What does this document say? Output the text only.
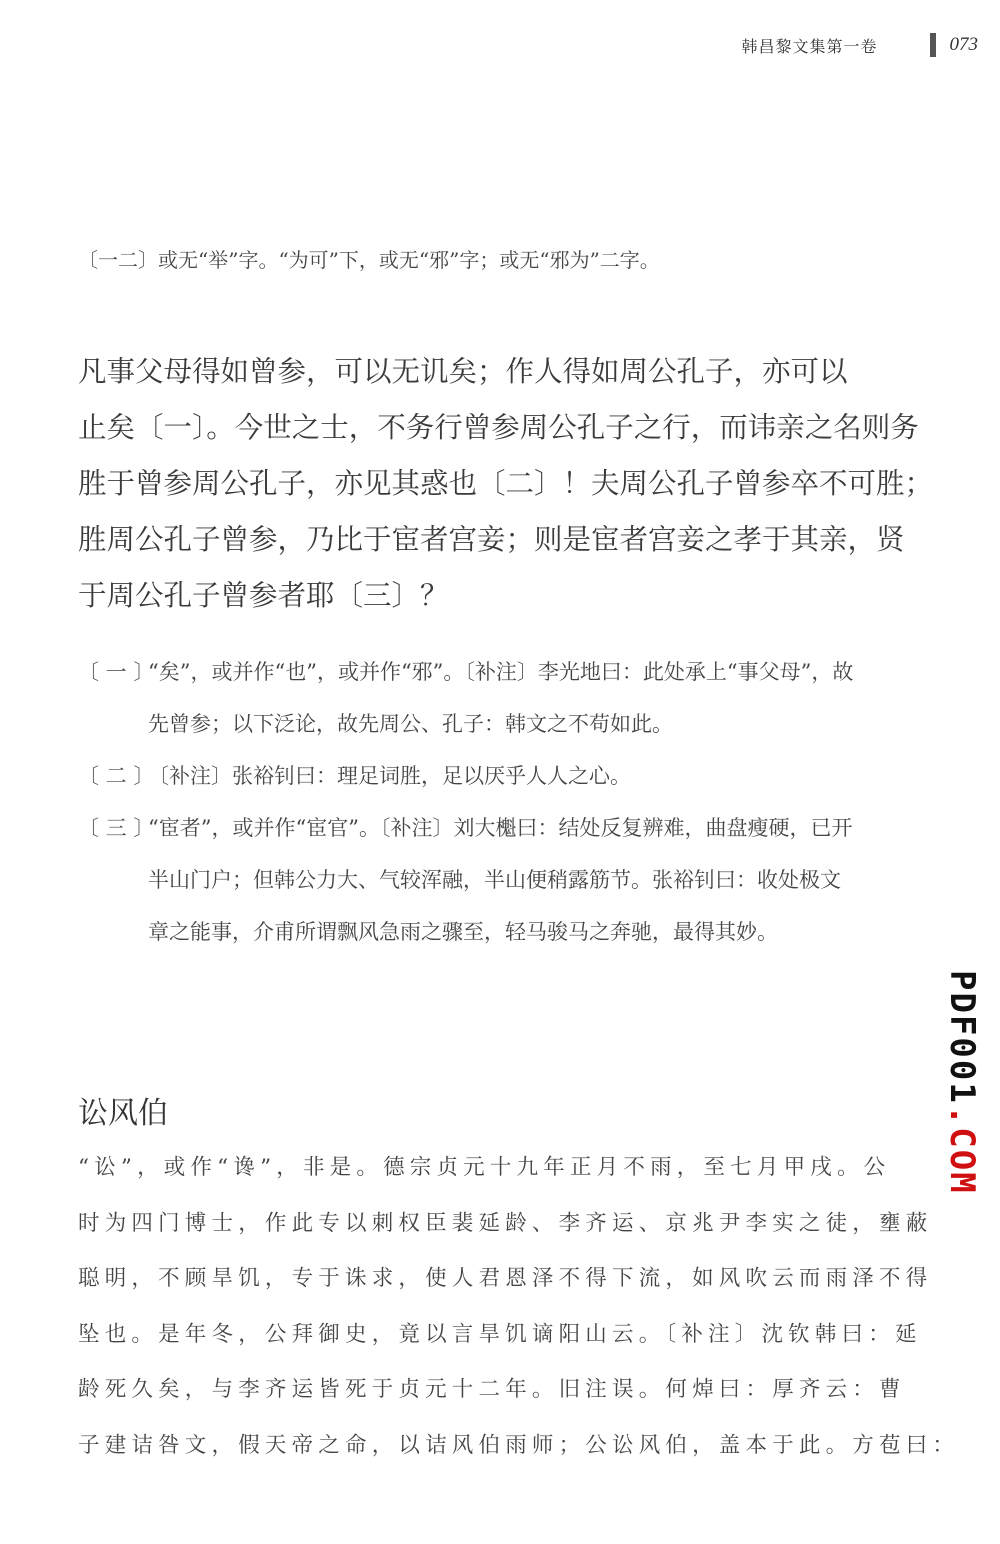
韩昌黎文集第一卷	073
〔一二〕或无“举”字。“为可”下，或无“邪”字；或无“邪为”二字。

凡事父母得如曾参，可以无讥矣；作人得如周公孔子，亦可以

止矣〔一〕。今世之士，不务行曾参周公孔子之行，而讳亲之名则务

胜于曾参周公孔子，亦见其惑也〔二〕！夫周公孔子曾参卒不可胜；

胜周公孔子曾参，乃比于宦者宫妾；则是宦者宫妾之孝于其亲，贤

于周公孔子曾参者耶〔三〕？

〔 一 〕
“矣”，或并作“也”，或并作“邪”。〔补注〕李光地曰：此处承上“事父母”，故
先曾参；以下泛论，故先周公、孔子：韩文之不苟如此。
〔 二 〕
〔补注〕张裕钊曰：理足词胜，足以厌乎人人之心。
〔 三 〕
“宦者”，或并作“宦官”。〔补注〕刘大櫆曰：结处反复辨难，曲盘瘦硬，已开
半山门户；但韩公力大、气较浑融，半山便稍露筋节。张裕钊曰：收处极文
章之能事，介甫所谓飘风急雨之骤至，轻马骏马之奔驰，最得其妙。
讼风伯

“讼”，或作“谗”，非是。德宗贞元十九年正月不雨，至七月甲戌。公

时为四门博士，作此专以刺权臣裴延龄、李齐运、京兆尹李实之徒，壅蔽

聪明，不顾旱饥，专于诛求，使人君恩泽不得下流，如风吹云而雨泽不得

坠也。是年冬，公拜御史，竟以言旱饥谪阳山云。〔补注〕沈钦韩曰：延

龄死久矣，与李齐运皆死于贞元十二年。旧注误。何焯曰：厚齐云：曹

子建诘咎文，假天帝之命，以诘风伯雨师；公讼风伯，盖本于此。方苞曰：

PDF001.COM
